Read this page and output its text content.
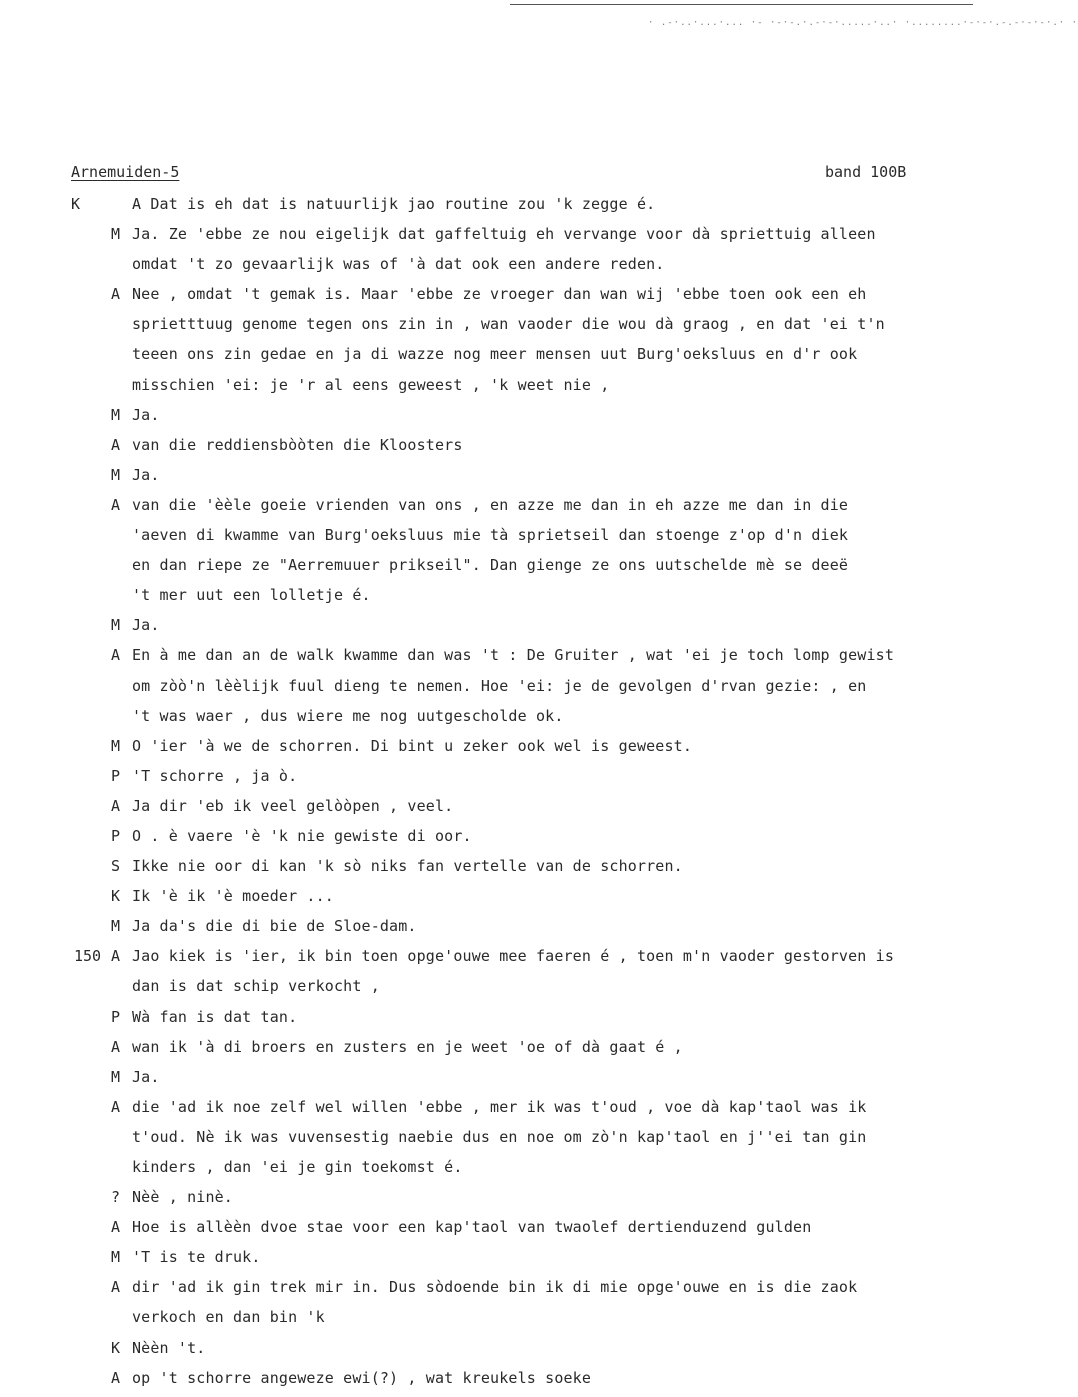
· .-·..·...·... ·- ·-·-.·.-·-·.....·..· ·........·-·-·.-.-·-·-·.· ·
Arnemuiden-5	band 100B
K	A Dat is eh dat is natuurlijk jao routine zou 'k zegge é.
M Ja. Ze 'ebbe ze nou eigelijk dat gaffeltuig eh vervange voor dà spriettuig alleen
omdat 't zo gevaarlijk was of 'à dat ook een andere reden.
A Nee , omdat 't gemak is. Maar 'ebbe ze vroeger dan wan wij 'ebbe toen ook een eh
sprietttuug genome tegen ons zin in , wan vaoder die wou dà graog , en dat 'ei t'n
teeen ons zin gedae en ja di wazze nog meer mensen uut Burg'oeksluus en d'r ook
misschien 'ei: je 'r al eens geweest , 'k weet nie ,
M Ja.
A van die reddiensbòòten die Kloosters
M Ja.
A van die 'èèle goeie vrienden van ons , en azze me dan in eh azze me dan in die
'aeven di kwamme van Burg'oeksluus mie tà sprietseil dan stoenge z'op d'n diek
en dan riepe ze "Aerremuuer prikseil". Dan gienge ze ons uutschelde mè se deeë
't mer uut een lolletje é.
M Ja.
A En à me dan an de walk kwamme dan was 't : De Gruiter , wat 'ei je toch lomp gewist
om zòò'n lèèlijk fuul dieng te nemen. Hoe 'ei: je de gevolgen d'rvan gezie: , en
't was waer , dus wiere me nog uutgescholde ok.
M O 'ier 'à we de schorren. Di bint u zeker ook wel is geweest.
P 'T schorre , ja ò.
A Ja dir 'eb ik veel gelòòpen , veel.
P O . è vaere 'è 'k nie gewiste di oor.
S Ikke nie oor di kan 'k sò niks fan vertelle van de schorren.
K Ik 'è ik 'è moeder ...
M Ja da's die di bie de Sloe-dam.
150 A Jao kiek is 'ier, ik bin toen opge'ouwe mee faeren é , toen m'n vaoder gestorven is
dan is dat schip verkocht ,
P Wà fan is dat tan.
A wan ik 'à di broers en zusters en je weet 'oe of dà gaat é ,
M Ja.
A die 'ad ik noe zelf wel willen 'ebbe , mer ik was t'oud , voe dà kap'taol was ik
t'oud. Nè ik was vuvensestig naebie dus en noe om zò'n kap'taol en j''ei tan gin
kinders , dan 'ei je gin toekomst é.
? Nèè , ninè.
A Hoe is allèèn dvoe stae voor een kap'taol van twaolef dertienduzend gulden
M 'T is te druk.
A dir 'ad ik gin trek mir in. Dus sòdoende bin ik di mie opge'ouwe en is die zaok
verkoch en dan bin 'k
K Nèèn 't.
A op 't schorre angeweze ewi(?) , wat kreukels soeke
